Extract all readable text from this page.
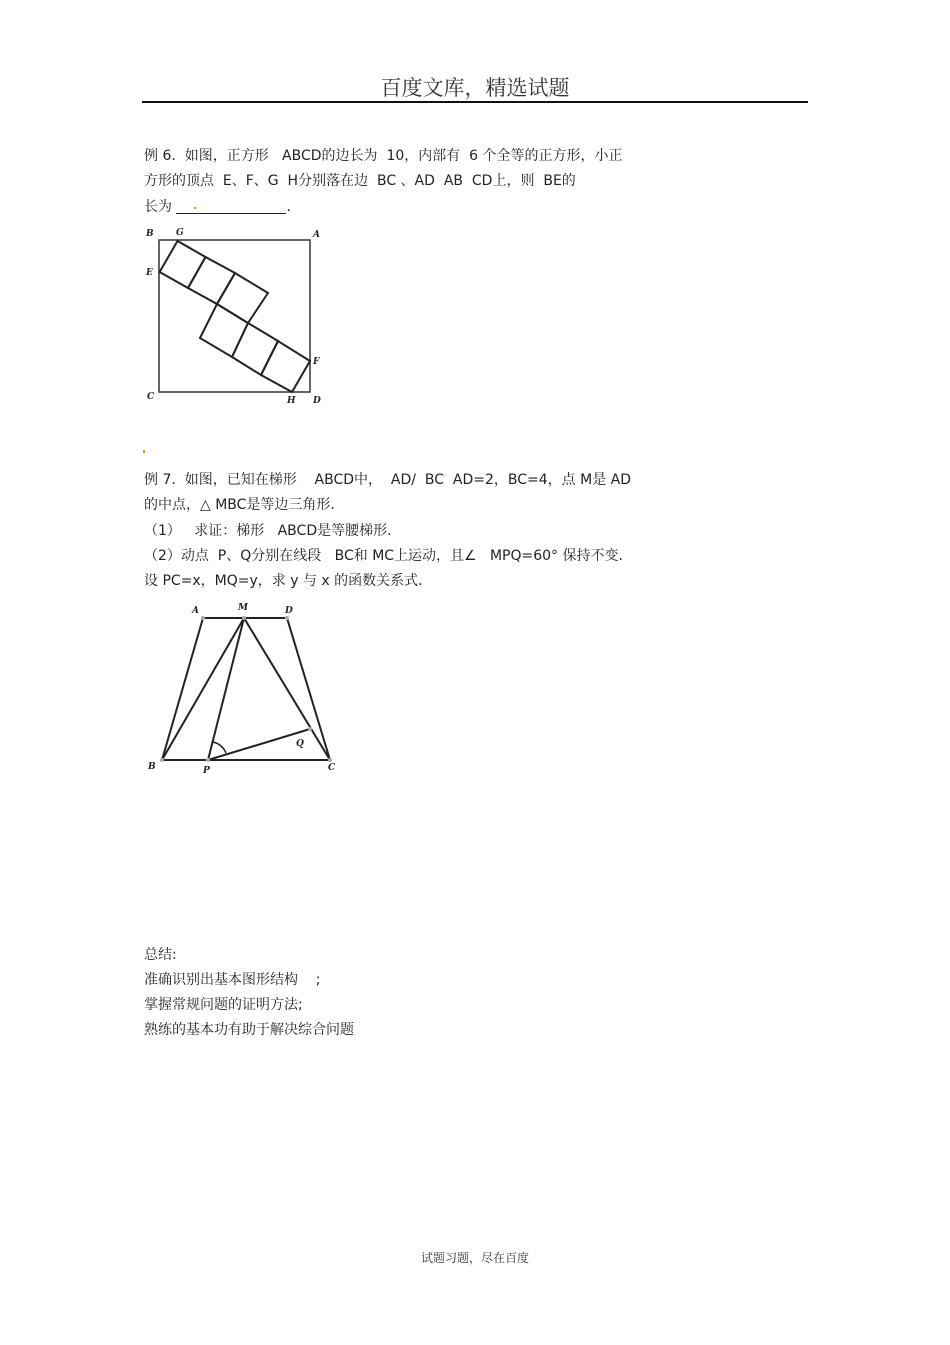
百度文库，精选试题
例 6.  如图，正方形   ABCD的边长为  10，内部有  6 个全等的正方形，小正
方形的顶点  E、F、G  H分别落在边  BC 、AD  AB  CD上，则  BE的
长为	.
B G	A
E
F
C	H D
例 7.  如图，已知在梯形    ABCD中，  AD/  BC  AD=2，BC=4，点 M是 AD
的中点，△ MBC是等边三角形.
（1）   求证：梯形   ABCD是等腰梯形.
（2）动点  P、Q分别在线段   BC和 MC上运动，且∠   MPQ=60° 保持不变.
设 PC=x，MQ=y，求 y 与 x 的函数关系式.
A	M	D
B	P	C
Q
总结:
准确识别出基本图形结构    ;
掌握常规问题的证明方法;
熟练的基本功有助于解决综合问题
试题习题，尽在百度
